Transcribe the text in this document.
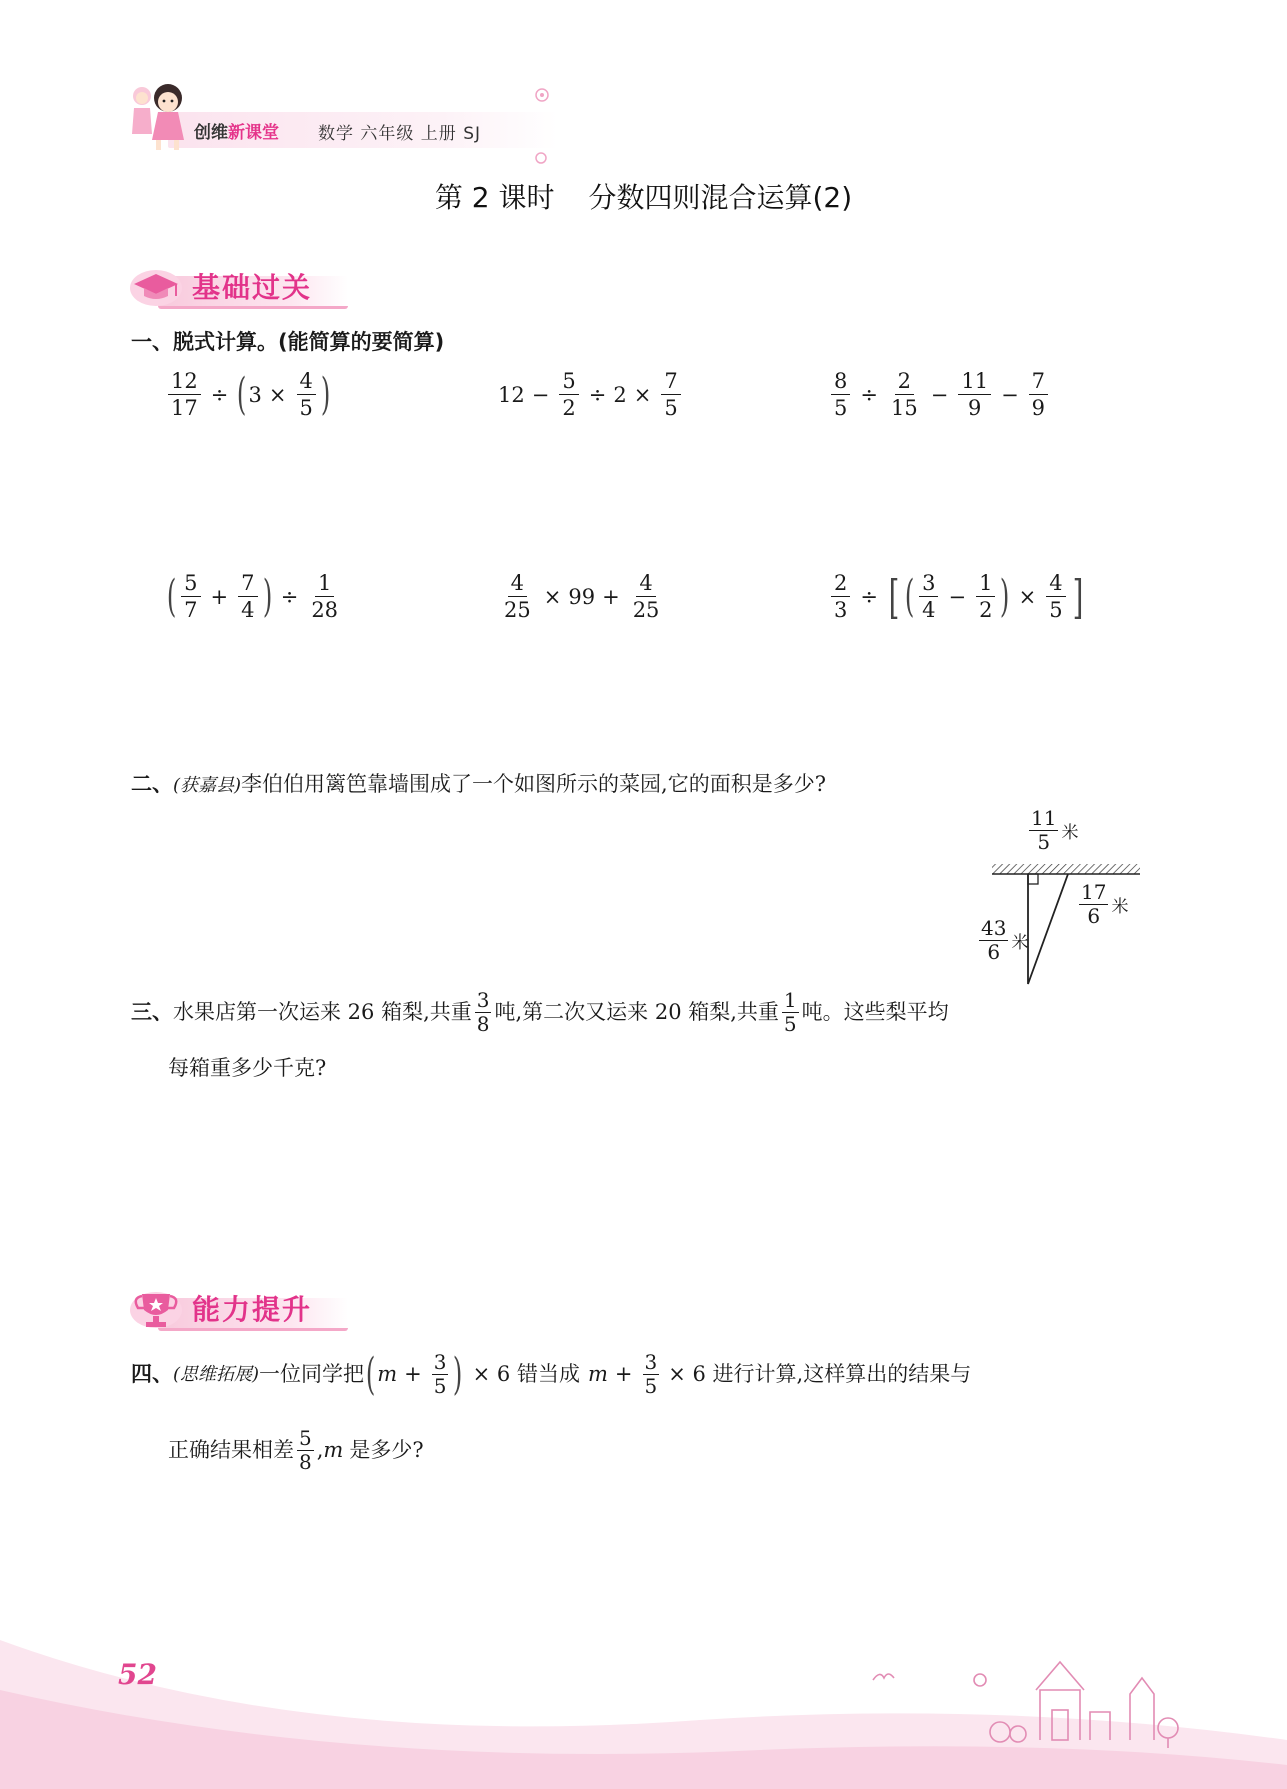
创维新课堂 数学 六年级 上册 SJ
第 2 课时 分数四则混合运算(2)
基础过关
一、脱式计算。(能简算的要简算)
$\frac{12}{17}$ ÷ ( $3 \times \frac{4}{5}$ )	$12 - \frac{5}{2} \div 2 \times \frac{7}{5}$	$\frac{8}{5} \div \frac{2}{15} - \frac{11}{9} - \frac{7}{9}$
( $\frac{5}{7} + \frac{7}{4}$ ) ÷ $\frac{1}{28}$	$\frac{4}{25} \times 99 + \frac{4}{25}$	$\frac{2}{3}$ ÷ [ ( $\frac{3}{4} - \frac{1}{2}$ ) × $\frac{4}{5}$ ]
二、(获嘉县)李伯伯用篱笆靠墙围成了一个如图所示的菜园,它的面积是多少?
$\frac{11}{5}$ 米
$\frac{17}{6}$ 米
$\frac{43}{6}$ 米
三、 水果店第一次运来 26 箱梨,共重 $\frac{3}{8}$ 吨,第二次又运来 20 箱梨,共重 $\frac{1}{5}$ 吨。这些梨平均
每箱重多少千克?
能力提升
四、 (思维拓展) 一位同学把 ( $m + \frac{3}{5}$ ) × 6 错当成 $m + \frac{3}{5} \times 6$ 进行计算,这样算出的结果与
正确结果相差 $\frac{5}{8}$ , m 是多少?
52
